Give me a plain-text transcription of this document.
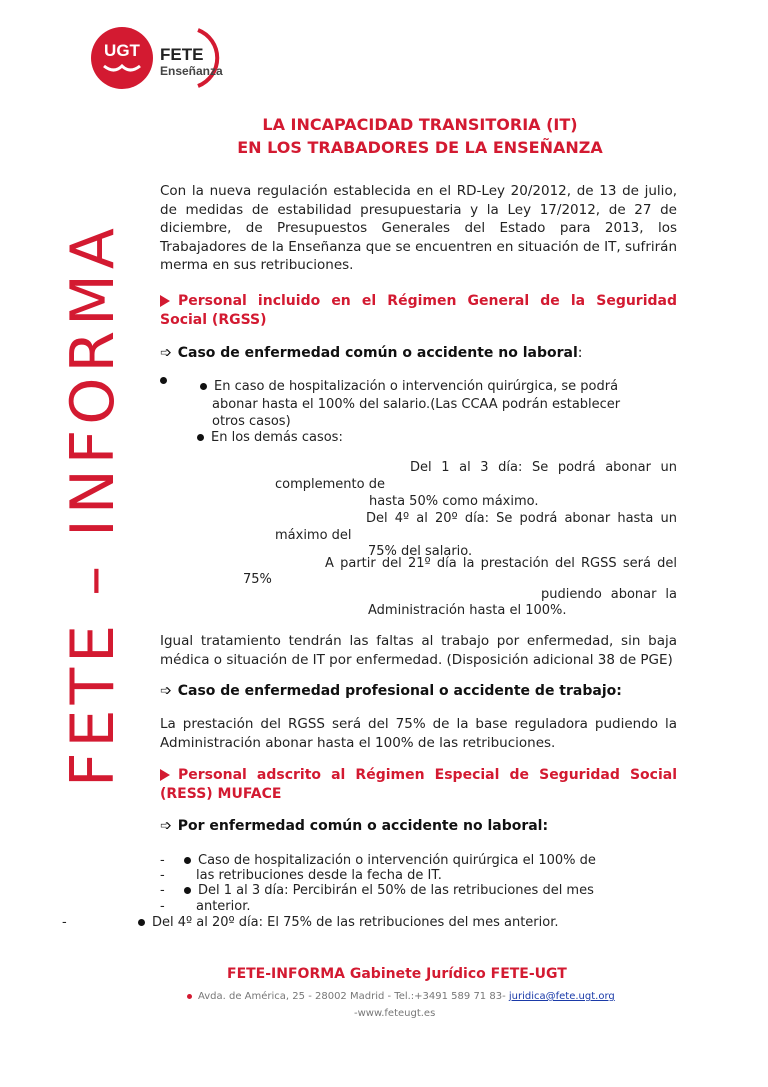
UGT FETE
Enseñanza
FETE – INFORMA
LA INCAPACIDAD TRANSITORIA (IT)
EN LOS TRABADORES DE LA ENSEÑANZA
Con la nueva regulación establecida en el RD-Ley 20/2012, de 13 de julio, de medidas de estabilidad presupuestaria y la Ley 17/2012, de 27 de diciembre, de Presupuestos Generales del Estado para 2013, los Trabajadores de la Enseñanza que se encuentren en situación de IT, sufrirán merma en sus retribuciones.
Personal incluido en el Régimen General de la Seguridad Social (RGSS)
➩ Caso de enfermedad común o accidente no laboral:
En caso de hospitalización o intervención quirúrgica, se podrá
abonar hasta el 100% del salario.(Las CCAA podrán establecer
otros casos)
En los demás casos:
Del 1 al 3 día: Se podrá abonar un
complemento de
hasta 50% como máximo.
Del 4º al 20º día: Se podrá abonar hasta un
máximo del
75% del salario.
A partir del 21º día la prestación del RGSS será del
75%
pudiendo abonar la
Administración hasta el 100%.
Igual tratamiento tendrán las faltas al trabajo por enfermedad, sin baja médica o situación de IT por enfermedad. (Disposición adicional 38 de PGE)
➩ Caso de enfermedad profesional o accidente de trabajo:
La prestación del RGSS será del 75% de la base reguladora pudiendo la Administración abonar hasta el 100% de las retribuciones.
Personal adscrito al Régimen Especial de Seguridad Social (RESS) MUFACE
➩ Por enfermedad común o accidente no laboral:
-	Caso de hospitalización o intervención quirúrgica el 100% de
- las retribuciones desde la fecha de IT.
-	Del 1 al 3 día: Percibirán el 50% de las retribuciones del mes
- anterior.
-	Del 4º al 20º día: El 75% de las retribuciones del mes anterior.
FETE-INFORMA Gabinete Jurídico FETE-UGT
Avda. de América, 25 - 28002 Madrid - Tel.:+3491 589 71 83- juridica@fete.ugt.org
-www.feteugt.es
